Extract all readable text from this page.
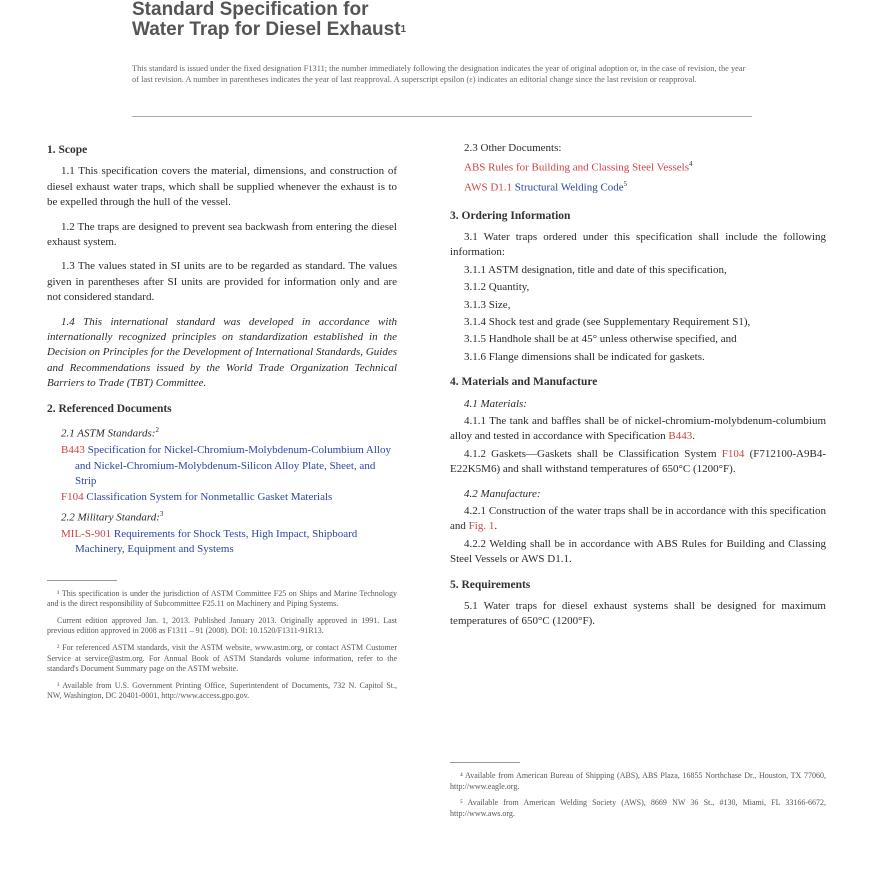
Standard Specification for
Water Trap for Diesel Exhaust$^1$
This standard is issued under the fixed designation F1311; the number immediately following the designation indicates the year of original adoption or, in the case of revision, the year of last revision. A number in parentheses indicates the year of last reapproval. A superscript epsilon (ε) indicates an editorial change since the last revision or reapproval.
1. Scope

1.1 This specification covers the material, dimensions, and construction of diesel exhaust water traps, which shall be supplied whenever the exhaust is to be expelled through the hull of the vessel.

1.2 The traps are designed to prevent sea backwash from entering the diesel exhaust system.

1.3 The values stated in SI units are to be regarded as standard. The values given in parentheses after SI units are provided for information only and are not considered standard.

1.4 This international standard was developed in accordance with internationally recognized principles on standardization established in the Decision on Principles for the Development of International Standards, Guides and Recommendations issued by the World Trade Organization Technical Barriers to Trade (TBT) Committee.

2. Referenced Documents

2.1 ASTM Standards:$^2$

B443 Specification for Nickel-Chromium-Molybdenum-Columbium Alloy and Nickel-Chromium-Molybdenum-Silicon Alloy Plate, Sheet, and Strip

F104 Classification System for Nonmetallic Gasket Materials

2.2 Military Standard:$^3$

MIL-S-901 Requirements for Shock Tests, High Impact, Shipboard Machinery, Equipment and Systems

¹ This specification is under the jurisdiction of ASTM Committee F25 on Ships and Marine Technology and is the direct responsibility of Subcommittee F25.11 on Machinery and Piping Systems.

Current edition approved Jan. 1, 2013. Published January 2013. Originally approved in 1991. Last previous edition approved in 2008 as F1311 – 91 (2008). DOI: 10.1520/F1311-91R13.

² For referenced ASTM standards, visit the ASTM website, www.astm.org, or contact ASTM Customer Service at service@astm.org. For Annual Book of ASTM Standards volume information, refer to the standard's Document Summary page on the ASTM website.

³ Available from U.S. Government Printing Office, Superintendent of Documents, 732 N. Capitol St., NW, Washington, DC 20401-0001, http://www.access.gpo.gov.

2.3 Other Documents:

ABS Rules for Building and Classing Steel Vessels$^4$

AWS D1.1 Structural Welding Code$^5$

3. Ordering Information

3.1 Water traps ordered under this specification shall include the following information:

3.1.1 ASTM designation, title and date of this specification,

3.1.2 Quantity,

3.1.3 Size,

3.1.4 Shock test and grade (see Supplementary Requirement S1),

3.1.5 Handhole shall be at 45° unless otherwise specified, and

3.1.6 Flange dimensions shall be indicated for gaskets.

4. Materials and Manufacture

4.1 Materials:

4.1.1 The tank and baffles shall be of nickel-chromium-molybdenum-columbium alloy and tested in accordance with Specification B443.

4.1.2 Gaskets—Gaskets shall be Classification System F104 (F712100-A9B4-E22K5M6) and shall withstand temperatures of 650°C (1200°F).

4.2 Manufacture:

4.2.1 Construction of the water traps shall be in accordance with this specification and Fig. 1.

4.2.2 Welding shall be in accordance with ABS Rules for Building and Classing Steel Vessels or AWS D1.1.

5. Requirements

5.1 Water traps for diesel exhaust systems shall be designed for maximum temperatures of 650°C (1200°F).

⁴ Available from American Bureau of Shipping (ABS), ABS Plaza, 16855 Northchase Dr., Houston, TX 77060, http://www.eagle.org.

⁵ Available from American Welding Society (AWS), 8669 NW 36 St., #130, Miami, FL 33166-6672, http://www.aws.org.
